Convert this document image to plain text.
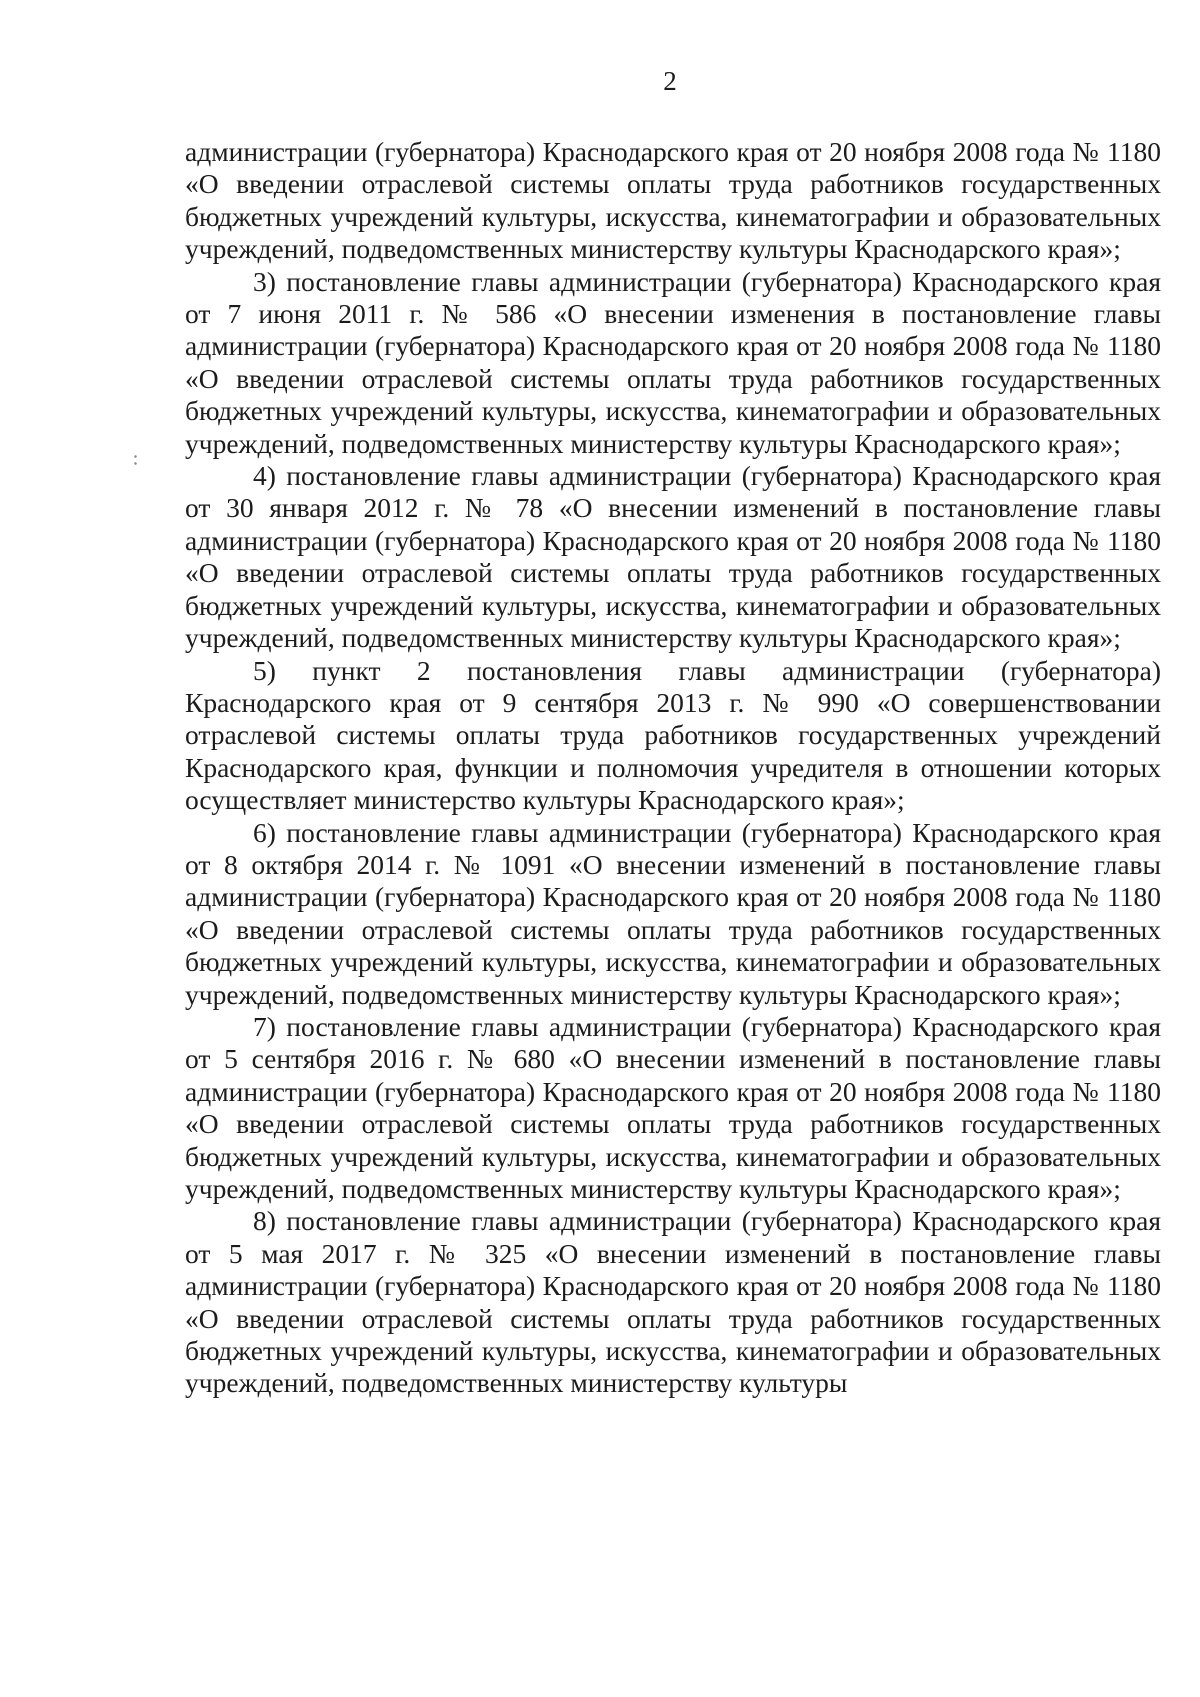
2

администрации (губернатора) Краснодарского края от 20 ноября 2008 года № 1180 «О введении отраслевой системы оплаты труда работников государственных бюджетных учреждений культуры, искусства, кинематографии и образовательных учреждений, подведомственных министерству культуры Краснодарского края»;

3) постановление главы администрации (губернатора) Краснодарского края от 7 июня 2011 г. № 586 «О внесении изменения в постановление главы администрации (губернатора) Краснодарского края от 20 ноября 2008 года № 1180 «О введении отраслевой системы оплаты труда работников государственных бюджетных учреждений культуры, искусства, кинематографии и образовательных учреждений, подведомственных министерству культуры Краснодарского края»;

4) постановление главы администрации (губернатора) Краснодарского края от 30 января 2012 г. № 78 «О внесении изменений в постановление главы администрации (губернатора) Краснодарского края от 20 ноября 2008 года № 1180 «О введении отраслевой системы оплаты труда работников государственных бюджетных учреждений культуры, искусства, кинематографии и образовательных учреждений, подведомственных министерству культуры Краснодарского края»;

5) пункт 2 постановления главы администрации (губернатора) Краснодарского края от 9 сентября 2013 г. № 990 «О совершенствовании отраслевой системы оплаты труда работников государственных учреждений Краснодарского края, функции и полномочия учредителя в отношении которых осуществляет министерство культуры Краснодарского края»;

6) постановление главы администрации (губернатора) Краснодарского края от 8 октября 2014 г. № 1091 «О внесении изменений в постановление главы администрации (губернатора) Краснодарского края от 20 ноября 2008 года № 1180 «О введении отраслевой системы оплаты труда работников государственных бюджетных учреждений культуры, искусства, кинематографии и образовательных учреждений, подведомственных министерству культуры Краснодарского края»;

7) постановление главы администрации (губернатора) Краснодарского края от 5 сентября 2016 г. № 680 «О внесении изменений в постановление главы администрации (губернатора) Краснодарского края от 20 ноября 2008 года № 1180 «О введении отраслевой системы оплаты труда работников государственных бюджетных учреждений культуры, искусства, кинематографии и образовательных учреждений, подведомственных министерству культуры Краснодарского края»;

8) постановление главы администрации (губернатора) Краснодарского края от 5 мая 2017 г. № 325 «О внесении изменений в постановление главы администрации (губернатора) Краснодарского края от 20 ноября 2008 года № 1180 «О введении отраслевой системы оплаты труда работников государственных бюджетных учреждений культуры, искусства, кинематографии и образовательных учреждений, подведомственных министерству культуры
